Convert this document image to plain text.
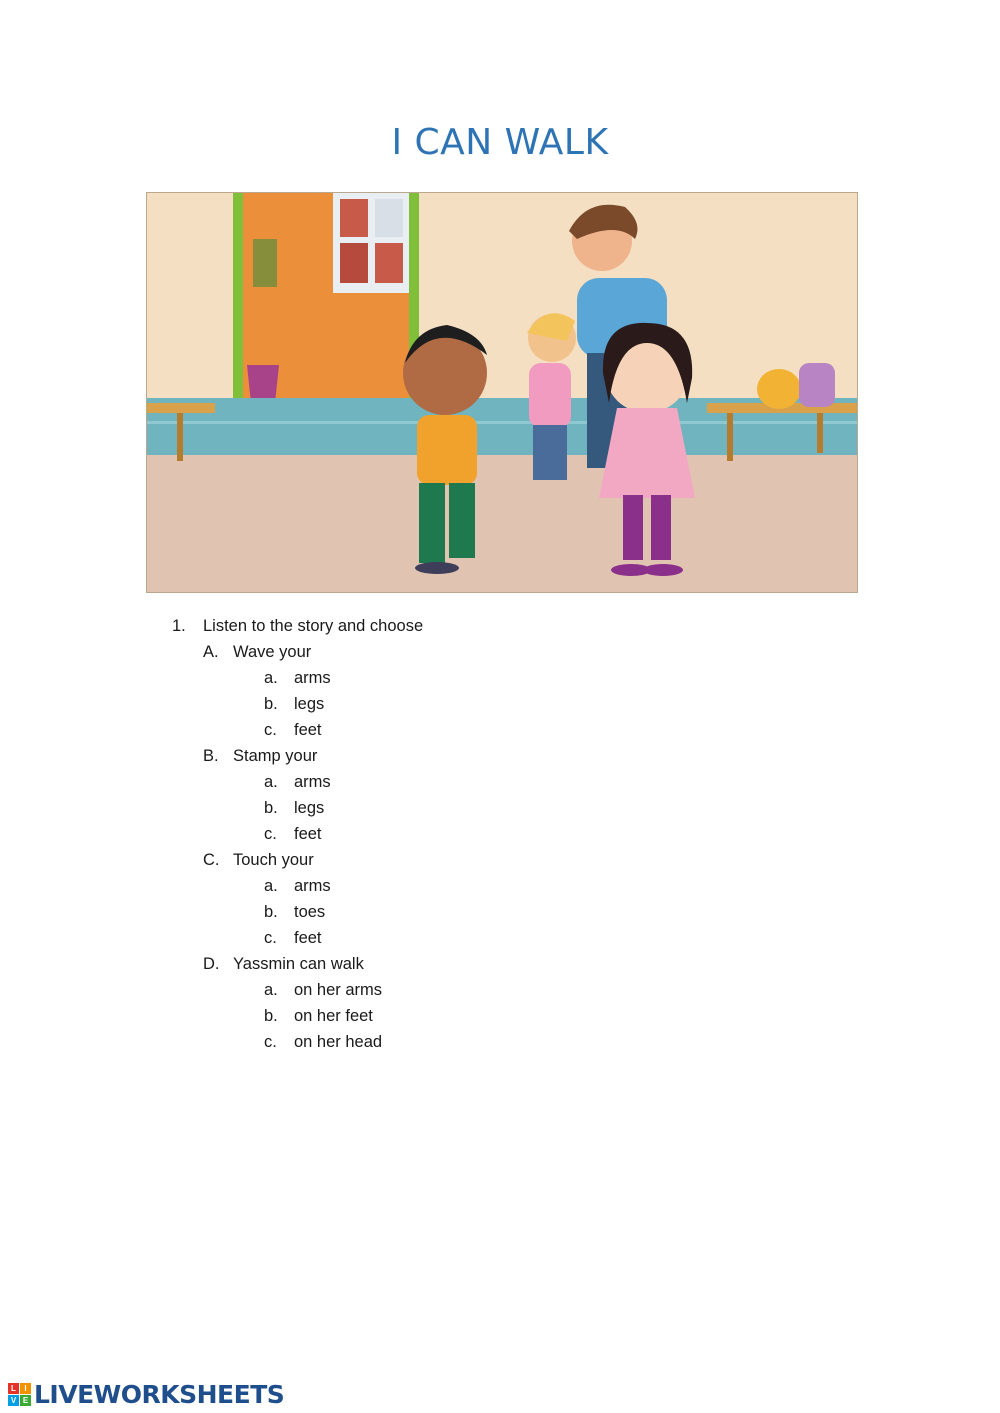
I CAN WALK
1. Listen to the story and choose
A. Wave your
a. arms
b. legs
c. feet
B. Stamp your
a. arms
b. legs
c. feet
C. Touch your
a. arms
b. toes
c. feet
D. Yassmin can walk
a. on her arms
b. on her feet
c. on her head
L	I
V E LIVEWORKSHEETS
